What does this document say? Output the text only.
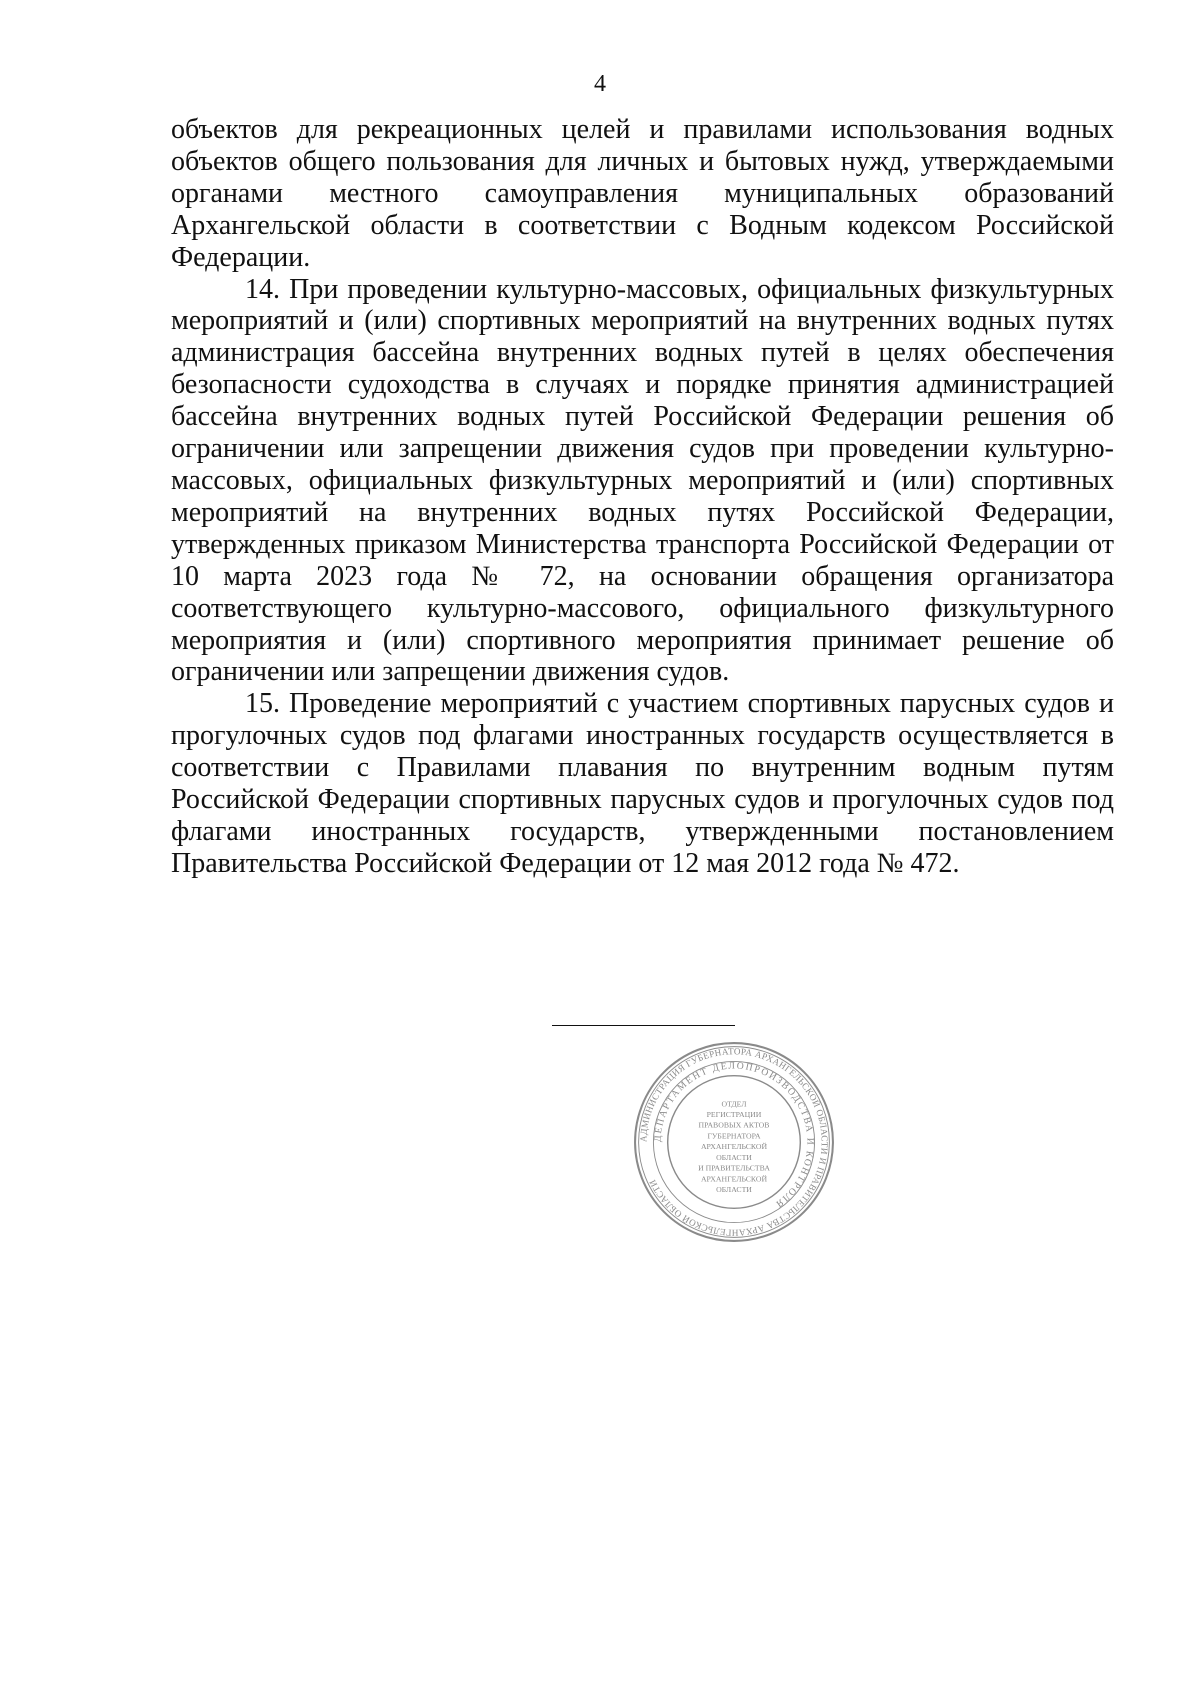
4

объектов для рекреационных целей и правилами использования водных объектов общего пользования для личных и бытовых нужд, утверждаемыми органами местного самоуправления муниципальных образований Архангельской области в соответствии с Водным кодексом Российской Федерации.

14. При проведении культурно-массовых, официальных физкультурных мероприятий и (или) спортивных мероприятий на внутренних водных путях администрация бассейна внутренних водных путей в целях обеспечения безопасности судоходства в случаях и порядке принятия администрацией бассейна внутренних водных путей Российской Федерации решения об ограничении или запрещении движения судов при проведении культурно-массовых, официальных физкультурных мероприятий и (или) спортивных мероприятий на внутренних водных путях Российской Федерации, утвержденных приказом Министерства транспорта Российской Федерации от 10 марта 2023 года № 72, на основании обращения организатора соответствующего культурно-массового, официального физкультурного мероприятия и (или) спортивного мероприятия принимает решение об ограничении или запрещении движения судов.

15. Проведение мероприятий с участием спортивных парусных судов и прогулочных судов под флагами иностранных государств осуществляется в соответствии с Правилами плавания по внутренним водным путям Российской Федерации спортивных парусных судов и прогулочных судов под флагами иностранных государств, утвержденными постановлением Правительства Российской Федерации от 12 мая 2012 года № 472.

АДМИНИСТРАЦИЯ ГУБЕРНАТОРА АРХАНГЕЛЬСКОЙ ОБЛАСТИ И ПРАВИТЕЛЬСТВА АРХАНГЕЛЬСКОЙ ОБЛАСТИ
ДЕПАРТАМЕНТ ДЕЛОПРОИЗВОДСТВА И КОНТРОЛЯ
ОТДЕЛ
РЕГИСТРАЦИИ
ПРАВОВЫХ АКТОВ
ГУБЕРНАТОРА
АРХАНГЕЛЬСКОЙ
ОБЛАСТИ
И ПРАВИТЕЛЬСТВА
АРХАНГЕЛЬСКОЙ
ОБЛАСТИ
